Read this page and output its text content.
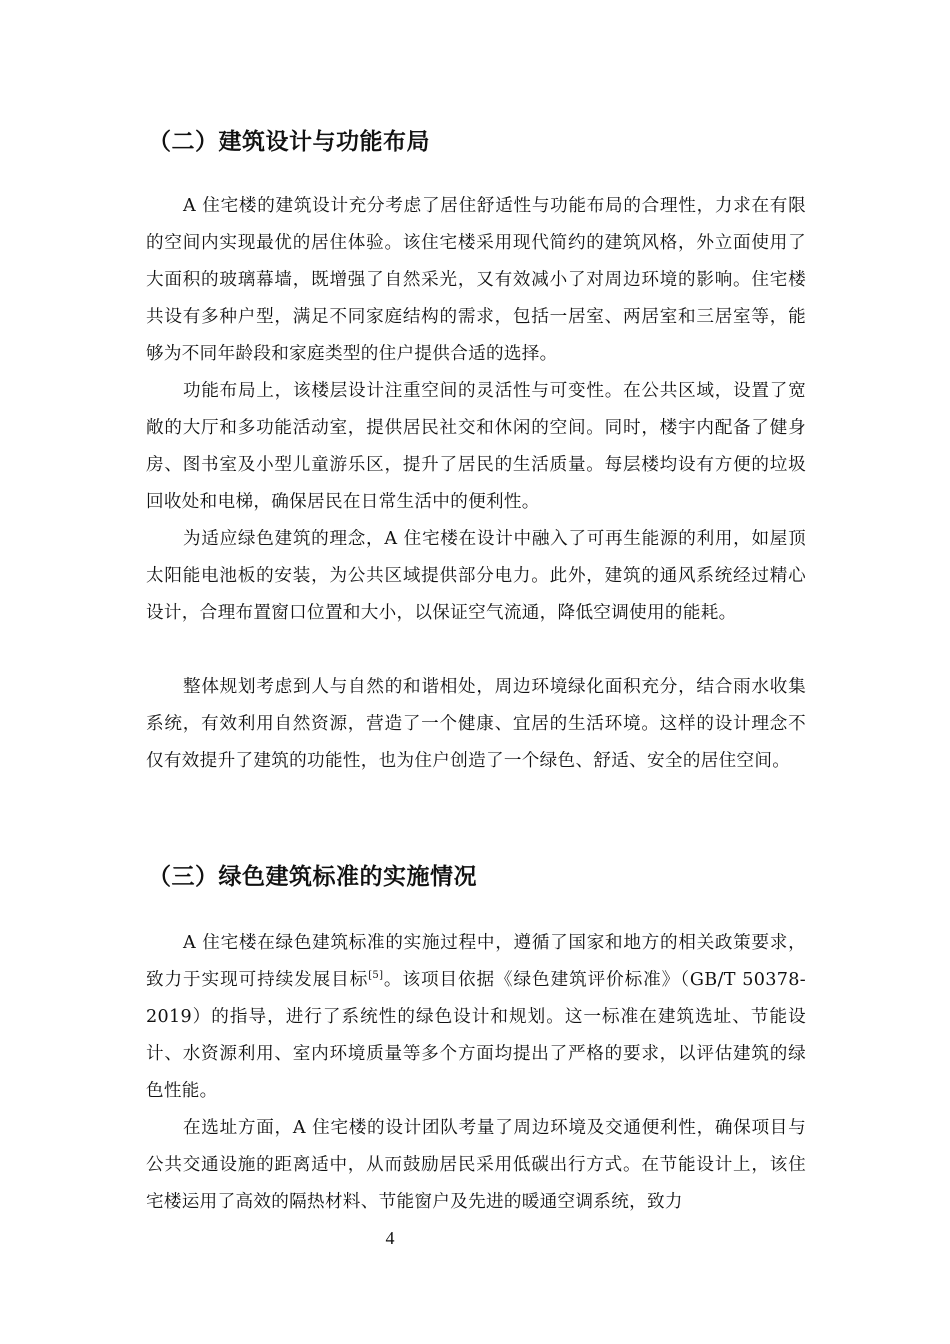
（二）建筑设计与功能布局

A 住宅楼的建筑设计充分考虑了居住舒适性与功能布局的合理性，力求在有限的空间内实现最优的居住体验。该住宅楼采用现代简约的建筑风格，外立面使用了大面积的玻璃幕墙，既增强了自然采光，又有效减小了对周边环境的影响。住宅楼共设有多种户型，满足不同家庭结构的需求，包括一居室、两居室和三居室等，能够为不同年龄段和家庭类型的住户提供合适的选择。

功能布局上，该楼层设计注重空间的灵活性与可变性。在公共区域，设置了宽敞的大厅和多功能活动室，提供居民社交和休闲的空间。同时，楼宇内配备了健身房、图书室及小型儿童游乐区，提升了居民的生活质量。每层楼均设有方便的垃圾回收处和电梯，确保居民在日常生活中的便利性。

为适应绿色建筑的理念，A 住宅楼在设计中融入了可再生能源的利用，如屋顶太阳能电池板的安装，为公共区域提供部分电力。此外，建筑的通风系统经过精心设计，合理布置窗口位置和大小，以保证空气流通，降低空调使用的能耗。

整体规划考虑到人与自然的和谐相处，周边环境绿化面积充分，结合雨水收集系统，有效利用自然资源，营造了一个健康、宜居的生活环境。这样的设计理念不仅有效提升了建筑的功能性，也为住户创造了一个绿色、舒适、安全的居住空间。

（三）绿色建筑标准的实施情况

A 住宅楼在绿色建筑标准的实施过程中，遵循了国家和地方的相关政策要求，致力于实现可持续发展目标[5]。该项目依据《绿色建筑评价标准》（GB/T 50378-2019）的指导，进行了系统性的绿色设计和规划。这一标准在建筑选址、节能设计、水资源利用、室内环境质量等多个方面均提出了严格的要求，以评估建筑的绿色性能。

在选址方面，A 住宅楼的设计团队考量了周边环境及交通便利性，确保项目与公共交通设施的距离适中，从而鼓励居民采用低碳出行方式。在节能设计上，该住宅楼运用了高效的隔热材料、节能窗户及先进的暖通空调系统，致力

4
